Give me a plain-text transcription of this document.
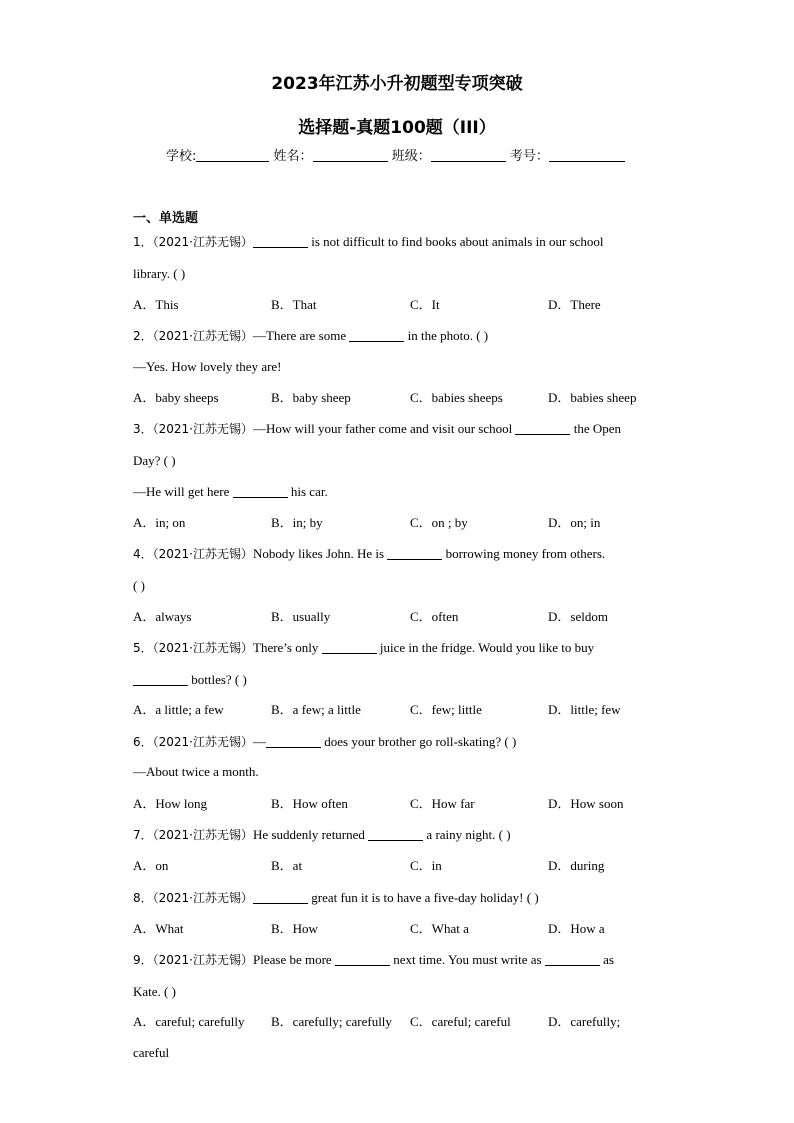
2023年江苏小升初题型专项突破
选择题-真题100题（III）
学校:	姓名：	班级：	考号：
一、单选题
1．（2021·江苏无锡）	is not difficult to find books about animals in our school
library. ( )
A．This	B．That	C．It	D．There
2．（2021·江苏无锡）—There are some	in the photo. ( )
—Yes. How lovely they are!
A．baby sheeps	B．baby sheep	C．babies sheeps	D．babies sheep
3．（2021·江苏无锡）—How will your father come and visit our school	the Open
Day? ( )
—He will get here	his car.
A．in; on	B．in; by	C．on ; by	D．on; in
4．（2021·江苏无锡）Nobody likes John. He is	borrowing money from others.
( )
A．always	B．usually	C．often	D．seldom
5．（2021·江苏无锡）There’s only	juice in the fridge. Would you like to buy
bottles? ( )
A．a little; a few	B．a few; a little	C．few; little	D．little; few
6．（2021·江苏无锡）—	does your brother go roll-skating? ( )
—About twice a month.
A．How long	B．How often	C．How far	D．How soon
7．（2021·江苏无锡）He suddenly returned	a rainy night. ( )
A．on	B．at	C．in	D．during
8．（2021·江苏无锡）	great fun it is to have a five-day holiday! ( )
A．What	B．How	C．What a	D．How a
9．（2021·江苏无锡）Please be more	next time. You must write as	as
Kate. ( )
A．careful; carefully B．carefully; carefully C．careful; careful	D．carefully;
careful
